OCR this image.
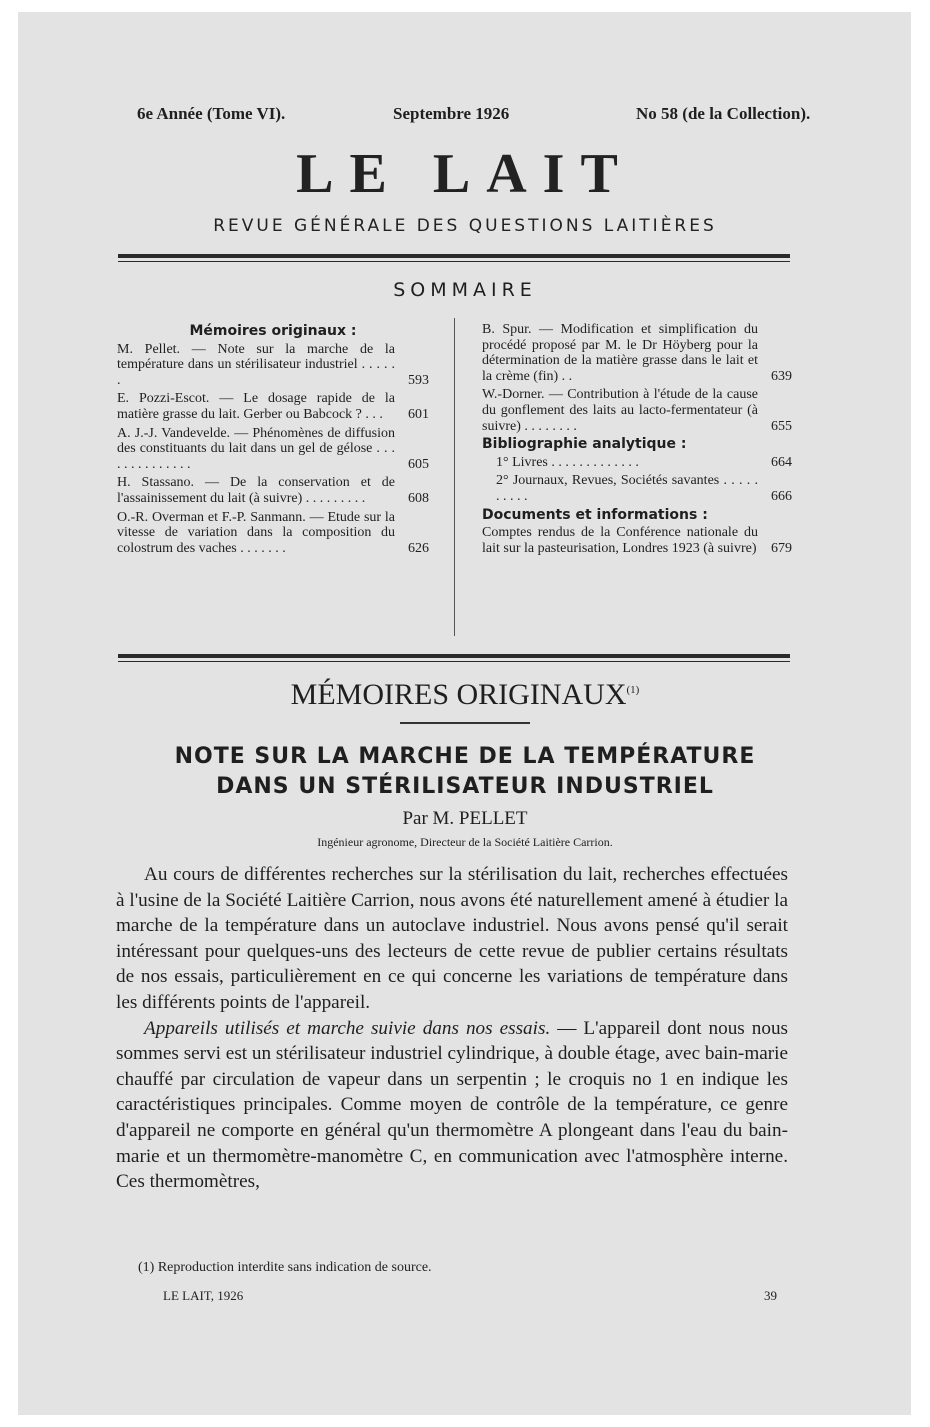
6e Année (Tome VI).	Septembre 1926	No 58 (de la Collection).
LE LAIT
REVUE GÉNÉRALE DES QUESTIONS LAITIÈRES
SOMMAIRE
Mémoires originaux :
M. Pellet. — Note sur la marche de la température dans un stérilisateur industriel . . . . . .	593
E. Pozzi-Escot. — Le dosage rapide de la matière grasse du lait. Gerber ou Babcock ? . . .	601
A. J.-J. Vandevelde. — Phénomènes de diffusion des constituants du lait dans un gel de gélose . . . . . . . . . . . . . .	605
H. Stassano. — De la conservation et de l'assainissement du lait (à suivre) . . . . . . . . .	608
O.-R. Overman et F.-P. Sanmann. — Etude sur la vitesse de variation dans la composition du colostrum des vaches . . . . . . .	626
B. Spur. — Modification et simplification du procédé proposé par M. le Dr Höyberg pour la détermination de la matière grasse dans le lait et la crème (fin) . .	639
W.-Dorner. — Contribution à l'étude de la cause du gonflement des laits au lacto-fermentateur (à suivre) . . . . . . . .	655
Bibliographie analytique :
1° Livres . . . . . . . . . . . . .	664
2° Journaux, Revues, Sociétés savantes . . . . . . . . . .	666
Documents et informations :
Comptes rendus de la Conférence nationale du lait sur la pasteurisation, Londres 1923 (à suivre)	679
MÉMOIRES ORIGINAUX$^{(1)}$
NOTE SUR LA MARCHE DE LA TEMPÉRATURE
DANS UN STÉRILISATEUR INDUSTRIEL
Par M. PELLET
Ingénieur agronome, Directeur de la Société Laitière Carrion.

Au cours de différentes recherches sur la stérilisation du lait, recherches effectuées à l'usine de la Société Laitière Carrion, nous avons été naturellement amené à étudier la marche de la température dans un autoclave industriel. Nous avons pensé qu'il serait intéressant pour quelques-uns des lecteurs de cette revue de publier certains résultats de nos essais, particulièrement en ce qui concerne les variations de température dans les différents points de l'appareil.

Appareils utilisés et marche suivie dans nos essais. — L'appareil dont nous nous sommes servi est un stérilisateur industriel cylindrique, à double étage, avec bain-marie chauffé par circulation de vapeur dans un serpentin ; le croquis no 1 en indique les caractéristiques principales. Comme moyen de contrôle de la température, ce genre d'appareil ne comporte en général qu'un thermomètre A plongeant dans l'eau du bain-marie et un thermomètre-manomètre C, en communication avec l'atmosphère interne. Ces thermomètres,

(1) Reproduction interdite sans indication de source.
LE LAIT, 1926	39
